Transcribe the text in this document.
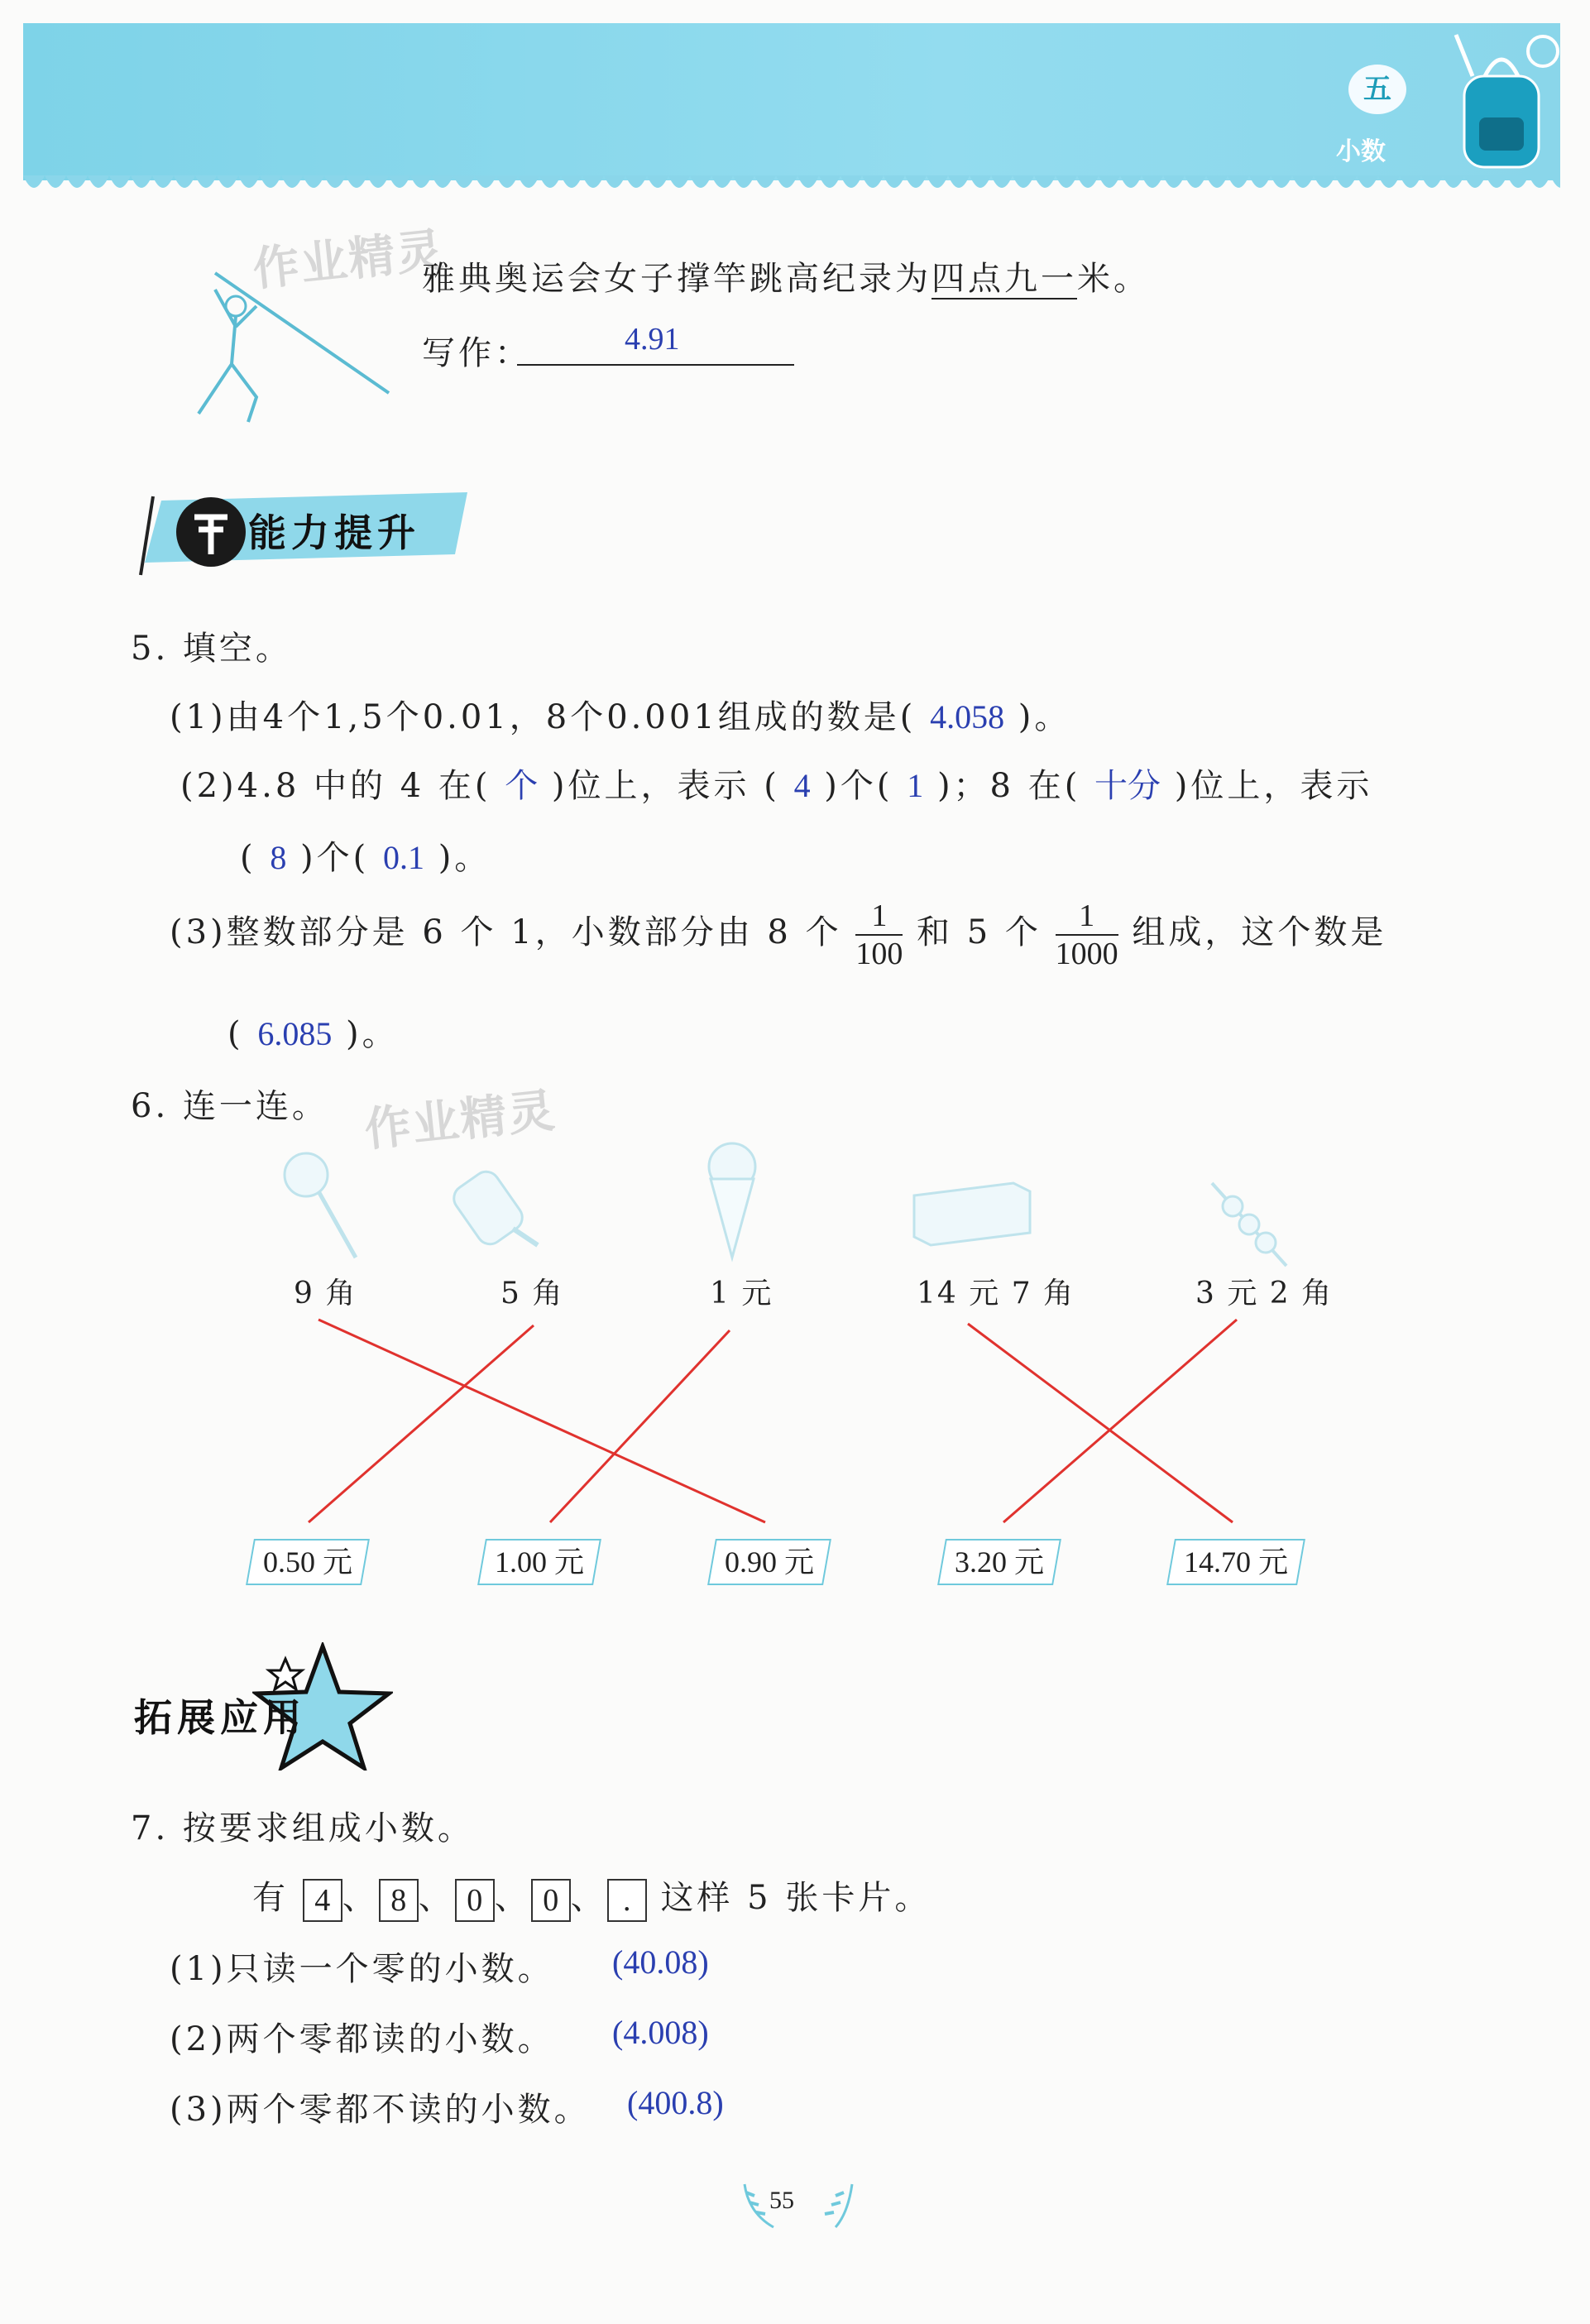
五
小数
作业精灵
雅典奥运会女子撑竿跳高纪录为四点九一米。
写作：	4.91
能力提升
5. 填空。
(1)由4个1,5个0.01，8个0.001组成的数是( 4.058 )。
(2)4.8 中的 4 在( 个 )位上，表示 ( 4 )个( 1 )；8 在( 十分 )位上，表示
( 8 )个( 0.1 )。
(3)整数部分是 6 个 1，小数部分由 8 个 $\frac{1}{100}$ 和 5 个 $\frac{1}{1000}$ 组成，这个数是
( 6.085 )。
6. 连一连。 作业精灵
9 角	5 角	1 元	14 元 7 角	3 元 2 角
0.50 元	1.00 元	0.90 元	3.20 元	14.70 元
拓展应用
7. 按要求组成小数。
有 4 、 8 、 0 、 0 、 . 这样 5 张卡片。
(1)只读一个零的小数。 (40.08)
(2)两个零都读的小数。 (4.008)
(3)两个零都不读的小数。 (400.8)
55
